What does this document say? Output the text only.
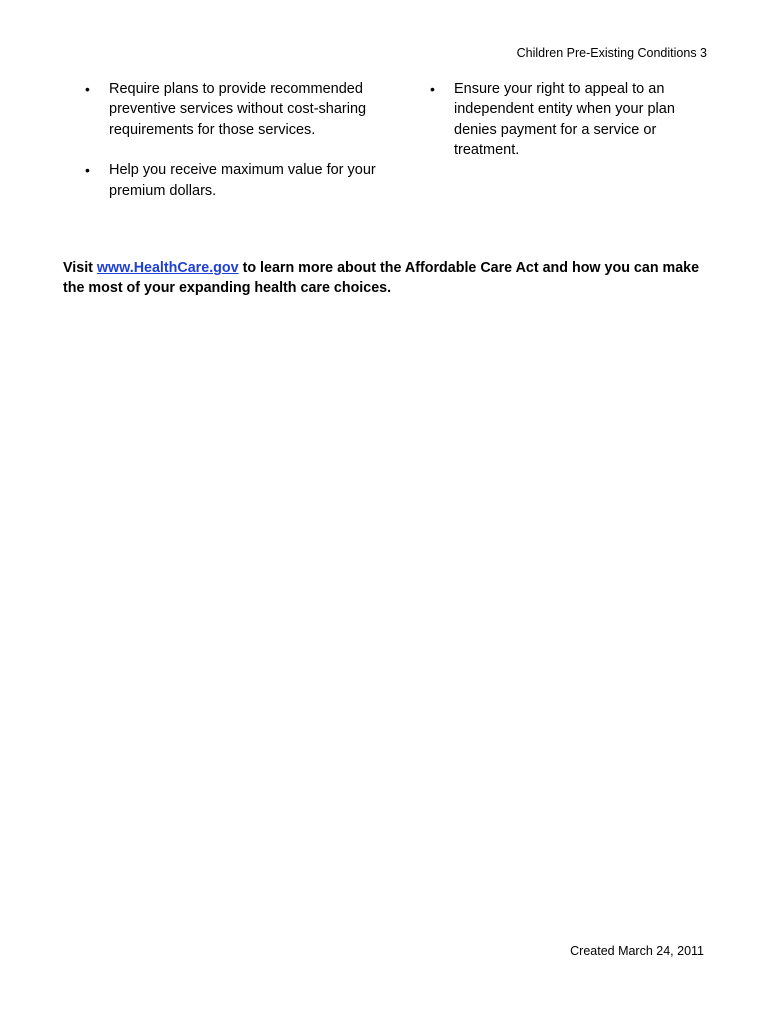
Children Pre-Existing Conditions 3
• Require plans to provide recommended preventive services without cost-sharing requirements for those services.
• Help you receive maximum value for your premium dollars.
• Ensure your right to appeal to an independent entity when your plan denies payment for a service or treatment.

Visit www.HealthCare.gov to learn more about the Affordable Care Act and how you can make the most of your expanding health care choices.

Created March 24, 2011
